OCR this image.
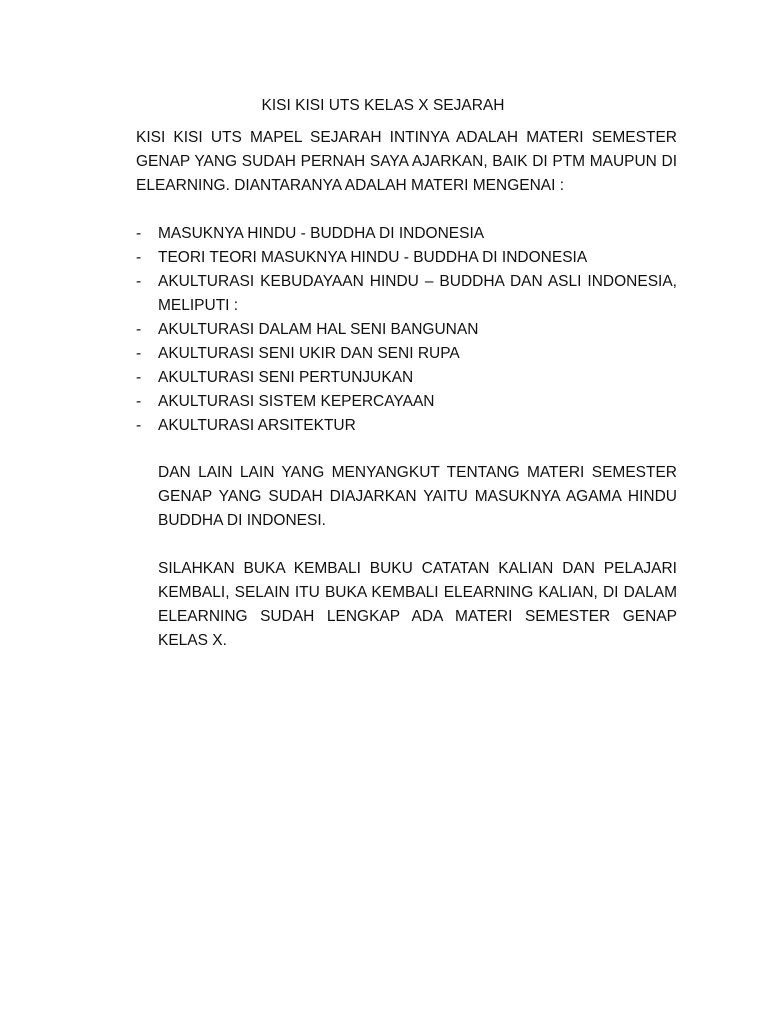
KISI KISI UTS KELAS X SEJARAH
KISI KISI UTS MAPEL SEJARAH INTINYA ADALAH MATERI SEMESTER GENAP YANG SUDAH PERNAH SAYA AJARKAN, BAIK DI PTM MAUPUN DI ELEARNING. DIANTARANYA ADALAH MATERI MENGENAI :
- MASUKNYA HINDU - BUDDHA DI INDONESIA
- TEORI TEORI MASUKNYA HINDU - BUDDHA DI INDONESIA
- AKULTURASI KEBUDAYAAN HINDU – BUDDHA DAN ASLI INDONESIA, MELIPUTI :
- AKULTURASI DALAM HAL SENI BANGUNAN
- AKULTURASI SENI UKIR DAN SENI RUPA
- AKULTURASI SENI PERTUNJUKAN
- AKULTURASI SISTEM KEPERCAYAAN
- AKULTURASI ARSITEKTUR
DAN LAIN LAIN YANG MENYANGKUT TENTANG MATERI SEMESTER GENAP YANG SUDAH DIAJARKAN YAITU MASUKNYA AGAMA HINDU BUDDHA DI INDONESI.
SILAHKAN BUKA KEMBALI BUKU CATATAN KALIAN DAN PELAJARI KEMBALI, SELAIN ITU BUKA KEMBALI ELEARNING KALIAN, DI DALAM ELEARNING SUDAH LENGKAP ADA MATERI SEMESTER GENAP KELAS X.
